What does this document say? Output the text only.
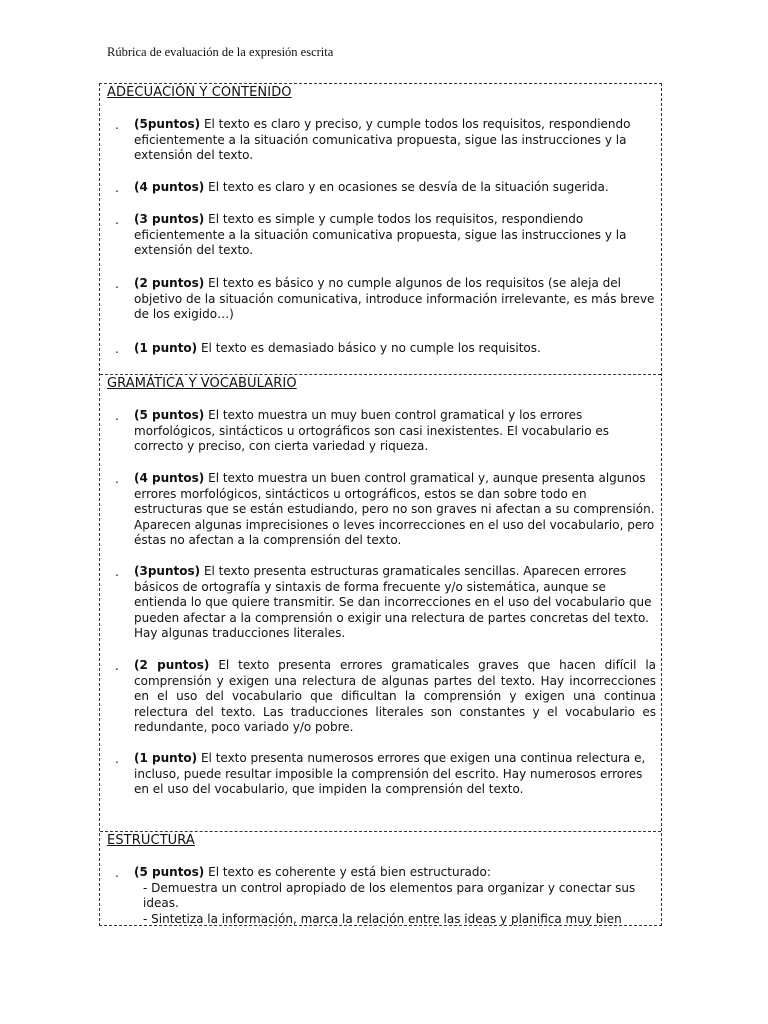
Rúbrica de evaluación de la expresión escrita
ADECUACIÓN Y CONTENIDO
. (5puntos) El texto es claro y preciso, y cumple todos los requisitos, respondiendo eficientemente a la situación comunicativa propuesta, sigue las instrucciones y la extensión del texto.
. (4 puntos) El texto es claro y en ocasiones se desvía de la situación sugerida.
. (3 puntos) El texto es simple y cumple todos los requisitos, respondiendo eficientemente a la situación comunicativa propuesta, sigue las instrucciones y la extensión del texto.
. (2 puntos) El texto es básico y no cumple algunos de los requisitos (se aleja del objetivo de la situación comunicativa, introduce información irrelevante, es más breve de los exigido…)
. (1 punto) El texto es demasiado básico y no cumple los requisitos.
GRAMÁTICA Y VOCABULARIO
. (5 puntos) El texto muestra un muy buen control gramatical y los errores morfológicos, sintácticos u ortográficos son casi inexistentes. El vocabulario es correcto y preciso, con cierta variedad y riqueza.
. (4 puntos) El texto muestra un buen control gramatical y, aunque presenta algunos errores morfológicos, sintácticos u ortográficos, estos se dan sobre todo en estructuras que se están estudiando, pero no son graves ni afectan a su comprensión. Aparecen algunas imprecisiones o leves incorrecciones en el uso del vocabulario, pero éstas no afectan a la comprensión del texto.
. (3puntos) El texto presenta estructuras gramaticales sencillas. Aparecen errores básicos de ortografía y sintaxis de forma frecuente y/o sistemática, aunque se entienda lo que quiere transmitir. Se dan incorrecciones en el uso del vocabulario que pueden afectar a la comprensión o exigir una relectura de partes concretas del texto. Hay algunas traducciones literales.
. (2 puntos) El texto presenta errores gramaticales graves que hacen difícil la comprensión y exigen una relectura de algunas partes del texto. Hay incorrecciones en el uso del vocabulario que dificultan la comprensión y exigen una continua relectura del texto. Las traducciones literales son constantes y el vocabulario es redundante, poco variado y/o pobre.
. (1 punto) El texto presenta numerosos errores que exigen una continua relectura e, incluso, puede resultar imposible la comprensión del escrito. Hay numerosos errores en el uso del vocabulario, que impiden la comprensión del texto.
ESTRUCTURA
. (5 puntos) El texto es coherente y está bien estructurado:
- Demuestra un control apropiado de los elementos para organizar y conectar sus ideas.
- Sintetiza la información, marca la relación entre las ideas y planifica muy bien
